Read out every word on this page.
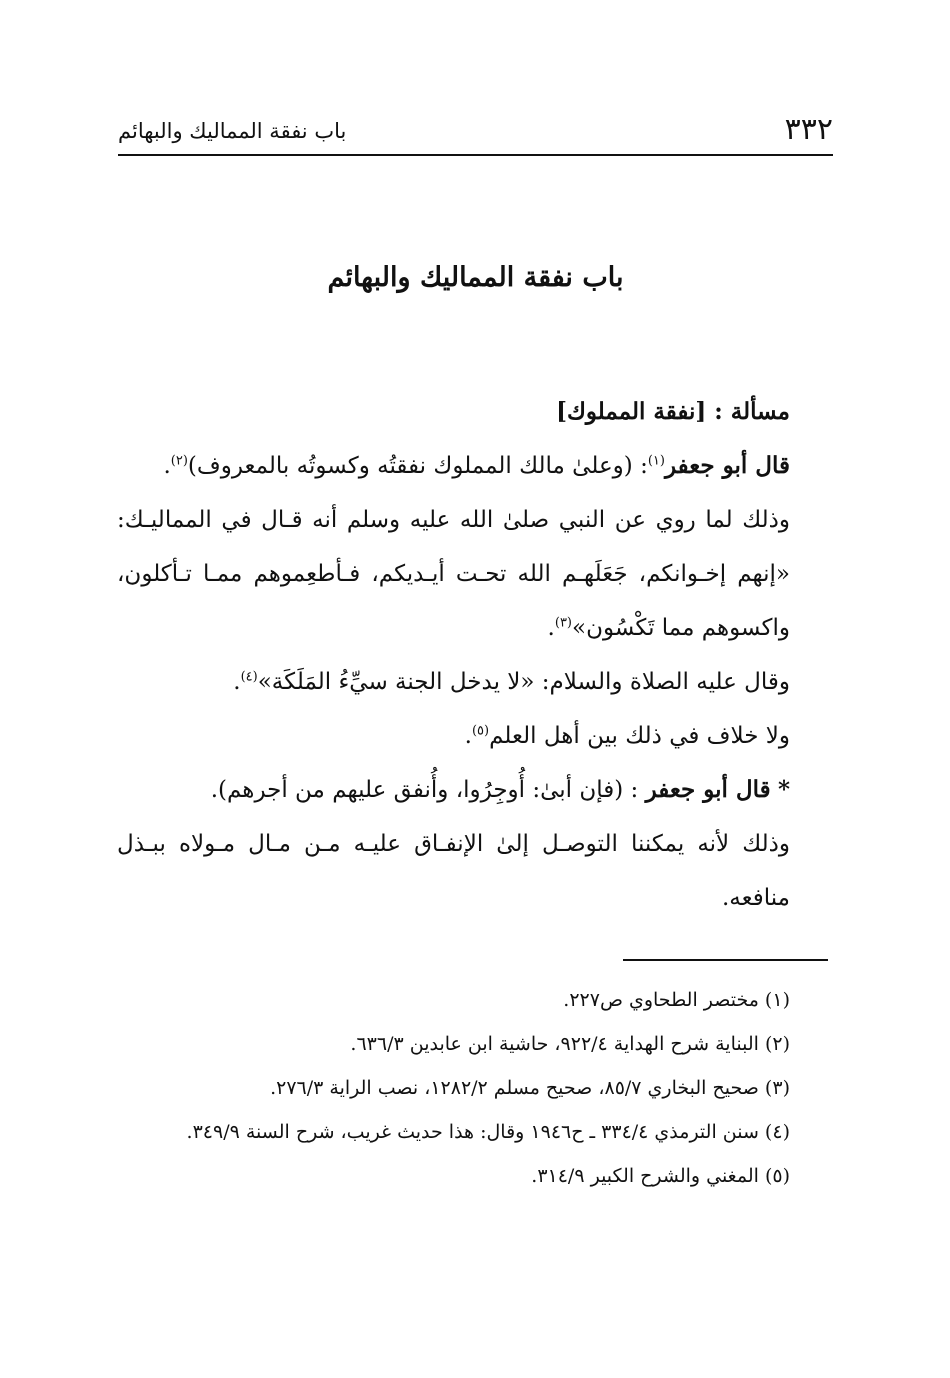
٣٣٢
باب نفقة المماليك والبهائم
باب نفقة المماليك والبهائم

مسألة : [نفقة المملوك]

قال أبو جعفر$^{(١)}$: (وعلىٰ مالك المملوك نفقتُه وكسوتُه بالمعروف)$^{(٢)}$.

وذلك لما روي عن النبي صلىٰ الله عليه وسلم أنه قـال في المماليـك: «إنهم إخـوانكم، جَعَلَهـم الله تحـت أيـديكم، فـأطعِموهم ممـا تـأكلون، واكسوهم مما تَكْسُون»$^{(٣)}$.

وقال عليه الصلاة والسلام: «لا يدخل الجنة سيِّءُ المَلَكَة»$^{(٤)}$.

ولا خلاف في ذلك بين أهل العلم$^{(٥)}$.

* قال أبو جعفر : (فإن أبىٰ: أُوجِرُوا، وأُنفق عليهم من أجرهم).

وذلك لأنه يمكننا التوصـل إلىٰ الإنفـاق عليـه مـن مـال مـولاه ببـذل منافعه.

(١) مختصر الطحاوي ص٢٢٧.

(٢) البناية شرح الهداية ٩٢٢/٤، حاشية ابن عابدين ٦٣٦/٣.

(٣) صحيح البخاري ٨٥/٧، صحيح مسلم ١٢٨٢/٢، نصب الراية ٢٧٦/٣.

(٤) سنن الترمذي ٣٣٤/٤ ـ ح١٩٤٦ وقال: هذا حديث غريب، شرح السنة ٣٤٩/٩.

(٥) المغني والشرح الكبير ٣١٤/٩.
